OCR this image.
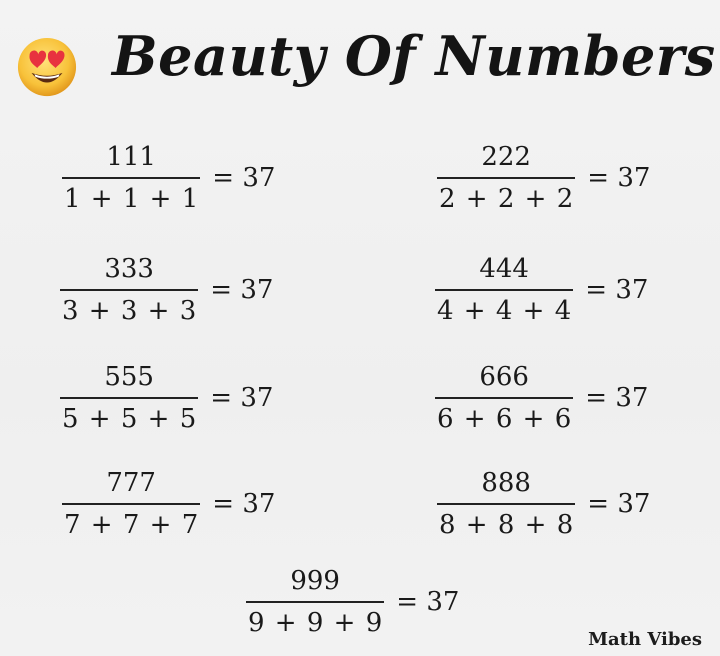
Beauty Of Numbers
$\frac{111}{1 + 1 + 1} = 37$	$\frac{222}{2 + 2 + 2} = 37$
$\frac{333}{3 + 3 + 3} = 37$	$\frac{444}{4 + 4 + 4} = 37$
$\frac{555}{5 + 5 + 5} = 37$	$\frac{666}{6 + 6 + 6} = 37$
$\frac{777}{7 + 7 + 7} = 37$	$\frac{888}{8 + 8 + 8} = 37$
$\frac{999}{9 + 9 + 9} = 37$
Math Vibes
